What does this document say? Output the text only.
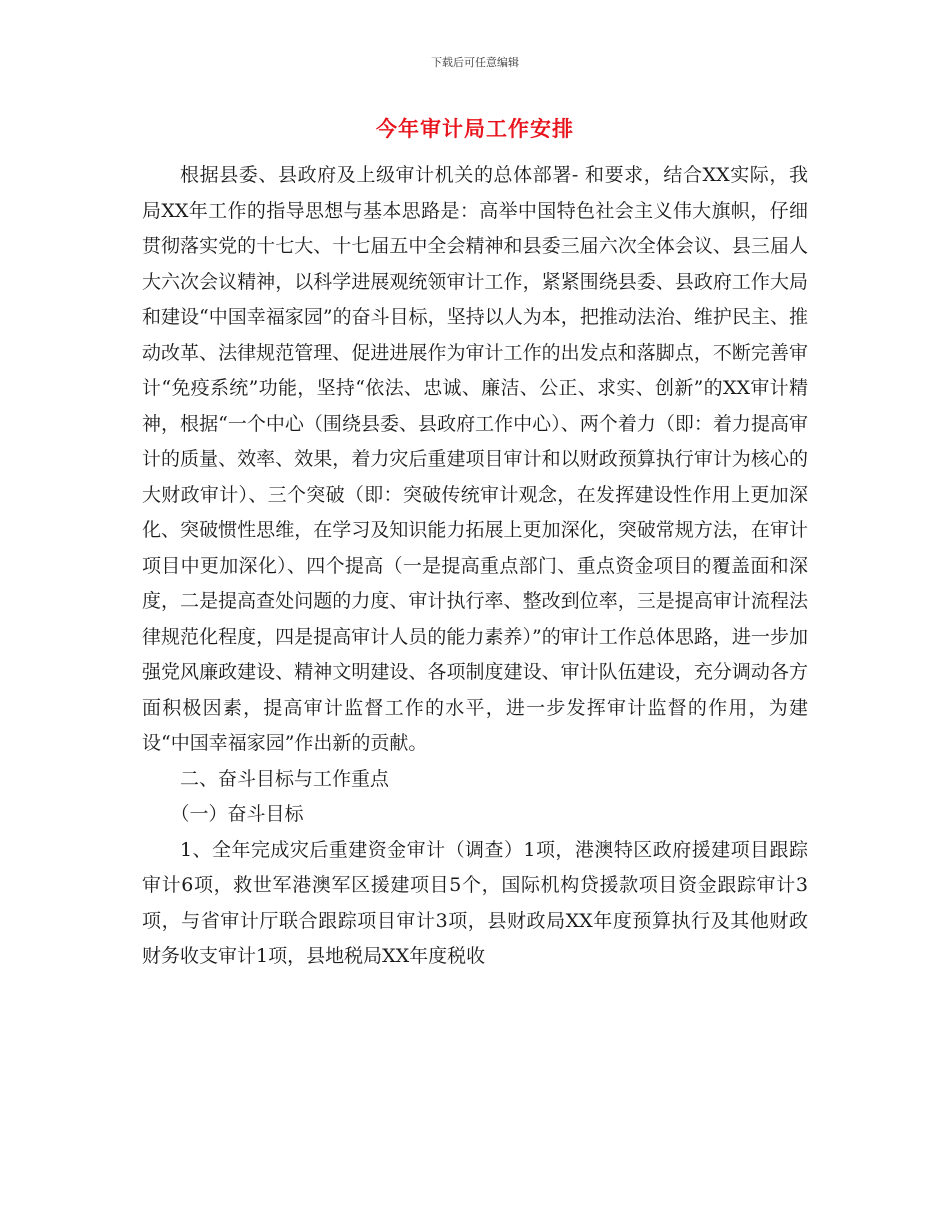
下载后可任意编辑
今年审计局工作安排

根据县委、县政府及上级审计机关的总体部署- 和要求，结合XX实际，我局XX年工作的指导思想与基本思路是：高举中国特色社会主义伟大旗帜，仔细贯彻落实党的十七大、十七届五中全会精神和县委三届六次全体会议、县三届人大六次会议精神，以科学进展观统领审计工作，紧紧围绕县委、县政府工作大局和建设“中国幸福家园”的奋斗目标，坚持以人为本，把推动法治、维护民主、推动改革、法律规范管理、促进进展作为审计工作的出发点和落脚点，不断完善审计“免疫系统”功能，坚持“依法、忠诚、廉洁、公正、求实、创新”的XX审计精神，根据“一个中心（围绕县委、县政府工作中心）、两个着力（即：着力提高审计的质量、效率、效果，着力灾后重建项目审计和以财政预算执行审计为核心的大财政审计）、三个突破（即：突破传统审计观念，在发挥建设性作用上更加深化、突破惯性思维，在学习及知识能力拓展上更加深化，突破常规方法，在审计项目中更加深化）、四个提高（一是提高重点部门、重点资金项目的覆盖面和深度，二是提高查处问题的力度、审计执行率、整改到位率，三是提高审计流程法律规范化程度，四是提高审计人员的能力素养）”的审计工作总体思路，进一步加强党风廉政建设、精神文明建设、各项制度建设、审计队伍建设，充分调动各方面积极因素，提高审计监督工作的水平，进一步发挥审计监督的作用，为建设“中国幸福家园”作出新的贡献。

二、奋斗目标与工作重点

（一）奋斗目标

1、全年完成灾后重建资金审计（调查）1项，港澳特区政府援建项目跟踪审计6项，救世军港澳军区援建项目5个，国际机构贷援款项目资金跟踪审计3项，与省审计厅联合跟踪项目审计3项，县财政局XX年度预算执行及其他财政财务收支审计1项，县地税局XX年度税收
